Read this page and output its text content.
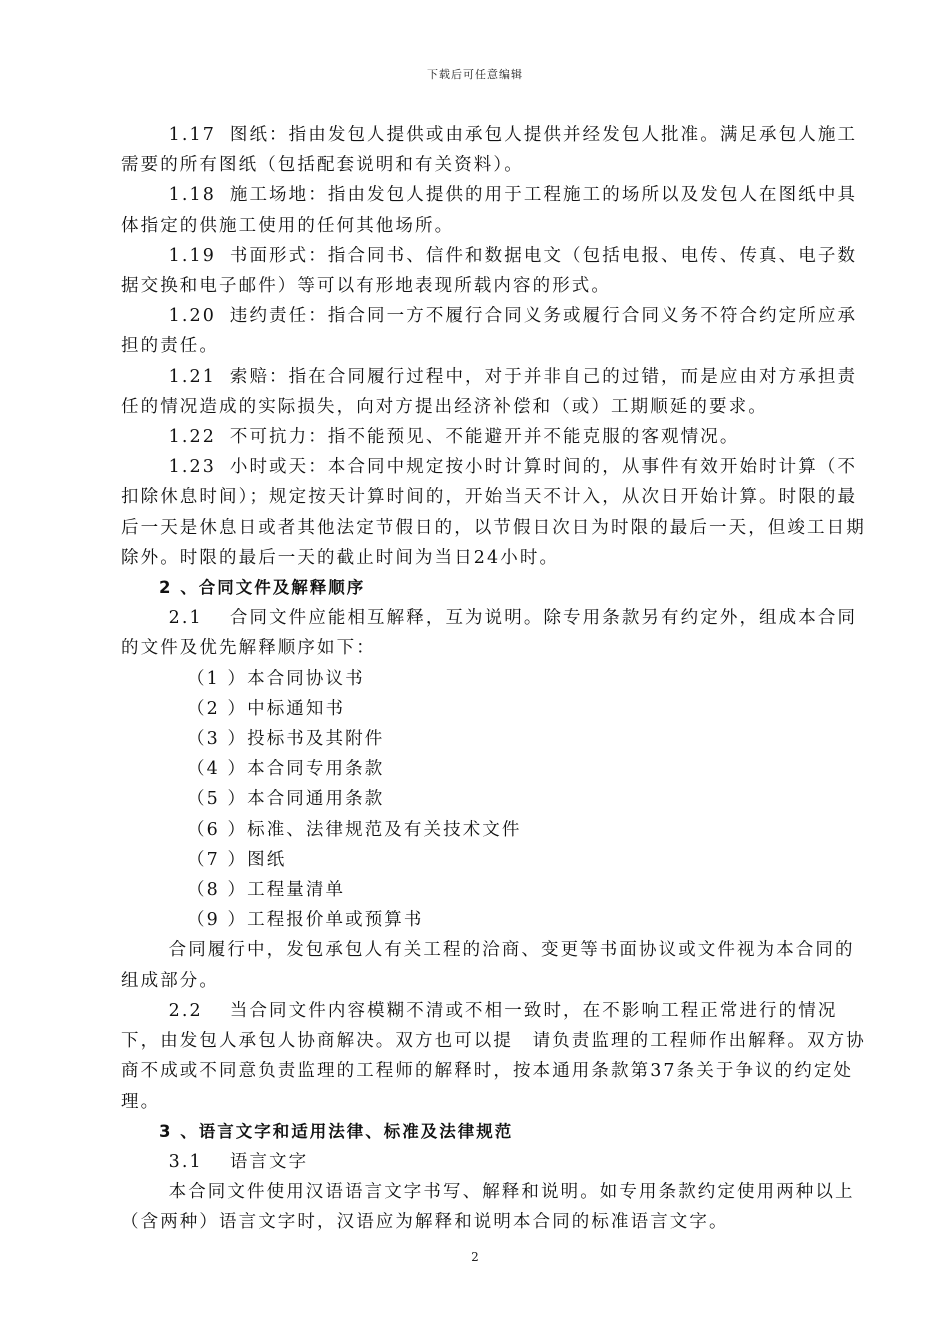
下载后可任意编辑

1.17 图纸：指由发包人提供或由承包人提供并经发包人批准。满足承包人施工需要的所有图纸（包括配套说明和有关资料）。

1.18 施工场地：指由发包人提供的用于工程施工的场所以及发包人在图纸中具体指定的供施工使用的任何其他场所。

1.19 书面形式：指合同书、信件和数据电文（包括电报、电传、传真、电子数据交换和电子邮件）等可以有形地表现所载内容的形式。

1.20 违约责任：指合同一方不履行合同义务或履行合同义务不符合约定所应承担的责任。

1.21 索赔：指在合同履行过程中，对于并非自己的过错，而是应由对方承担责任的情况造成的实际损失，向对方提出经济补偿和（或）工期顺延的要求。

1.22 不可抗力：指不能预见、不能避开并不能克服的客观情况。

1.23 小时或天：本合同中规定按小时计算时间的，从事件有效开始时计算（不扣除休息时间）；规定按天计算时间的，开始当天不计入，从次日开始计算。时限的最后一天是休息日或者其他法定节假日的，以节假日次日为时限的最后一天，但竣工日期除外。时限的最后一天的截止时间为当日24小时。

2 、合同文件及解释顺序

2.1 合同文件应能相互解释，互为说明。除专用条款另有约定外，组成本合同的文件及优先解释顺序如下：

（1 ）本合同协议书

（2 ）中标通知书

（3 ）投标书及其附件

（4 ）本合同专用条款

（5 ）本合同通用条款

（6 ）标准、法律规范及有关技术文件

（7 ）图纸

（8 ）工程量清单

（9 ）工程报价单或预算书

合同履行中，发包承包人有关工程的洽商、变更等书面协议或文件视为本合同的组成部分。

2.2 当合同文件内容模糊不清或不相一致时，在不影响工程正常进行的情况下，由发包人承包人协商解决。双方也可以提　请负责监理的工程师作出解释。双方协商不成或不同意负责监理的工程师的解释时，按本通用条款第37条关于争议的约定处理。

3 、语言文字和适用法律、标准及法律规范

3.1 语言文字

本合同文件使用汉语语言文字书写、解释和说明。如专用条款约定使用两种以上（含两种）语言文字时，汉语应为解释和说明本合同的标准语言文字。

2
